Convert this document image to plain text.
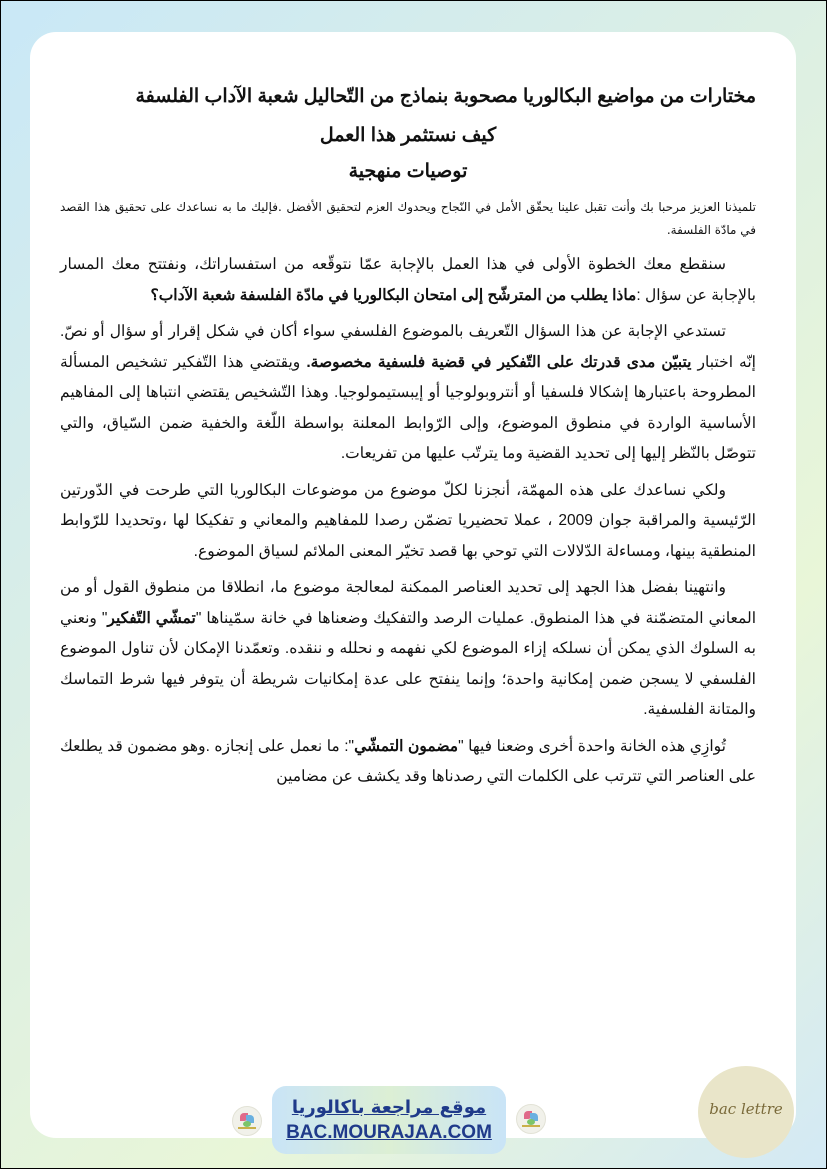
مختارات من مواضيع البكالوريا مصحوبة بنماذج من التّحاليل شعبة الآداب الفلسفة

كيف نستثمر هذا العمل

توصيات منهجية

تلميذنا العزيز مرحبا بك وأنت تقبل علينا يحقّق الأمل في النّجاح ويحدوك العزم لتحقيق الأفضل .فإليك ما به نساعدك على تحقيق هذا القصد في مادّة الفلسفة.

سنقطع معك الخطوة الأولى في هذا العمل بالإجابة عمّا نتوقّعه من استفساراتك، ونفتتح معك المسار بالإجابة عن سؤال :ماذا يطلب من المترشّح إلى امتحان البكالوريا في مادّة الفلسفة شعبة الآداب؟

تستدعي الإجابة عن هذا السؤال التّعريف بالموضوع الفلسفي سواء أكان في شكل إقرار أو سؤال أو نصّ. إنّه اختبار يتبيّن مدى قدرتك على التّفكير في قضية فلسفية مخصوصة. ويقتضي هذا التّفكير تشخيص المسألة المطروحة باعتبارها إشكالا فلسفيا أو أنتروبولوجيا أو إيبستيمولوجيا. وهذا التّشخيص يقتضي انتباها إلى المفاهيم الأساسية الواردة في منطوق الموضوع، وإلى الرّوابط المعلنة بواسطة اللّغة والخفية ضمن السّياق، والتي تتوصّل بالنّظر إليها إلى تحديد القضية وما يترتّب عليها من تفريعات.

ولكي نساعدك على هذه المهمّة، أنجزنا لكلّ موضوع من موضوعات البكالوريا التي طرحت في الدّورتين الرّئيسية والمراقبة جوان 2009 ، عملا تحضيريا تضمّن رصدا للمفاهيم والمعاني و تفكيكا لها ،وتحديدا للرّوابط المنطقية بينها، ومساءلة الدّلالات التي توحي بها قصد تخيّر المعنى الملائم لسياق الموضوع.

وانتهينا بفضل هذا الجهد إلى تحديد العناصر الممكنة لمعالجة موضوع ما، انطلاقا من منطوق القول أو من المعاني المتضمّنة في هذا المنطوق. عمليات الرصد والتفكيك وضعناها في خانة سمّيناها "تمشّي التّفكير" ونعني به السلوك الذي يمكن أن نسلكه إزاء الموضوع لكي نفهمه و نحلله و ننقده. وتعمّدنا الإمكان لأن تناول الموضوع الفلسفي لا يسجن ضمن إمكانية واحدة؛ وإنما ينفتح على عدة إمكانيات شريطة أن يتوفر فيها شرط التماسك والمتانة الفلسفية.

تُوازِي هذه الخانة واحدة أخرى وضعنا فيها "مضمون التمشّي": ما نعمل على إنجازه .وهو مضمون قد يطلعك على العناصر التي تترتب على الكلمات التي رصدناها وقد يكشف عن مضامين

موقع مراجعة باكالوريا
BAC.MOURAJAA.COM
bac lettre
